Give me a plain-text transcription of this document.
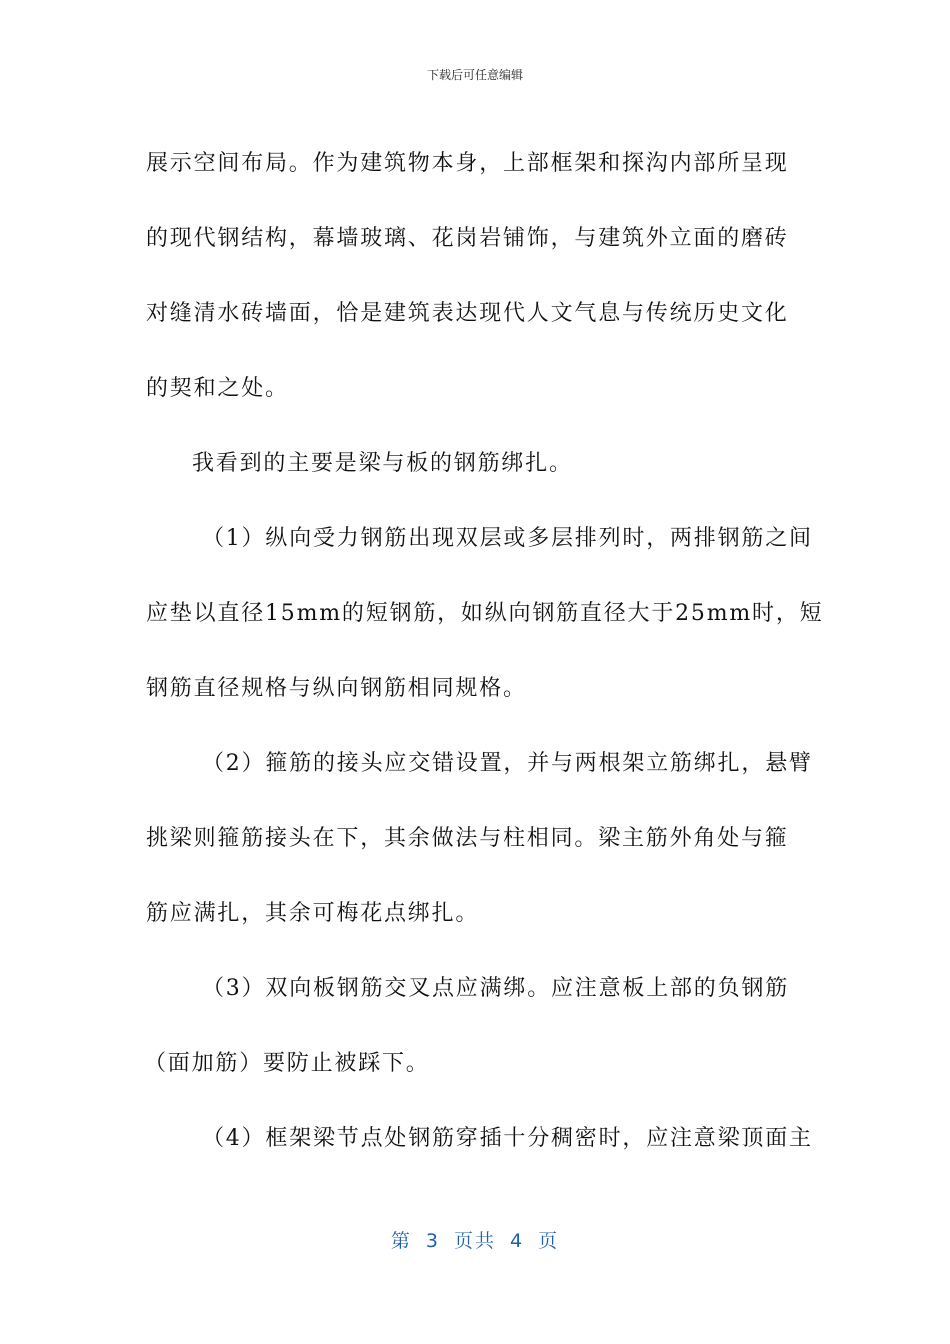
下载后可任意编辑
展示空间布局。作为建筑物本身，上部框架和探沟内部所呈现
的现代钢结构，幕墙玻璃、花岗岩铺饰，与建筑外立面的磨砖
对缝清水砖墙面，恰是建筑表达现代人文气息与传统历史文化
的契和之处。
我看到的主要是梁与板的钢筋绑扎。
（1）纵向受力钢筋出现双层或多层排列时，两排钢筋之间
应垫以直径15mm的短钢筋，如纵向钢筋直径大于25mm时，短
钢筋直径规格与纵向钢筋相同规格。
（2）箍筋的接头应交错设置，并与两根架立筋绑扎，悬臂
挑梁则箍筋接头在下，其余做法与柱相同。梁主筋外角处与箍
筋应满扎，其余可梅花点绑扎。
（3）双向板钢筋交叉点应满绑。应注意板上部的负钢筋
（面加筋）要防止被踩下。
（4）框架梁节点处钢筋穿插十分稠密时，应注意梁顶面主
第 3 页共 4 页
